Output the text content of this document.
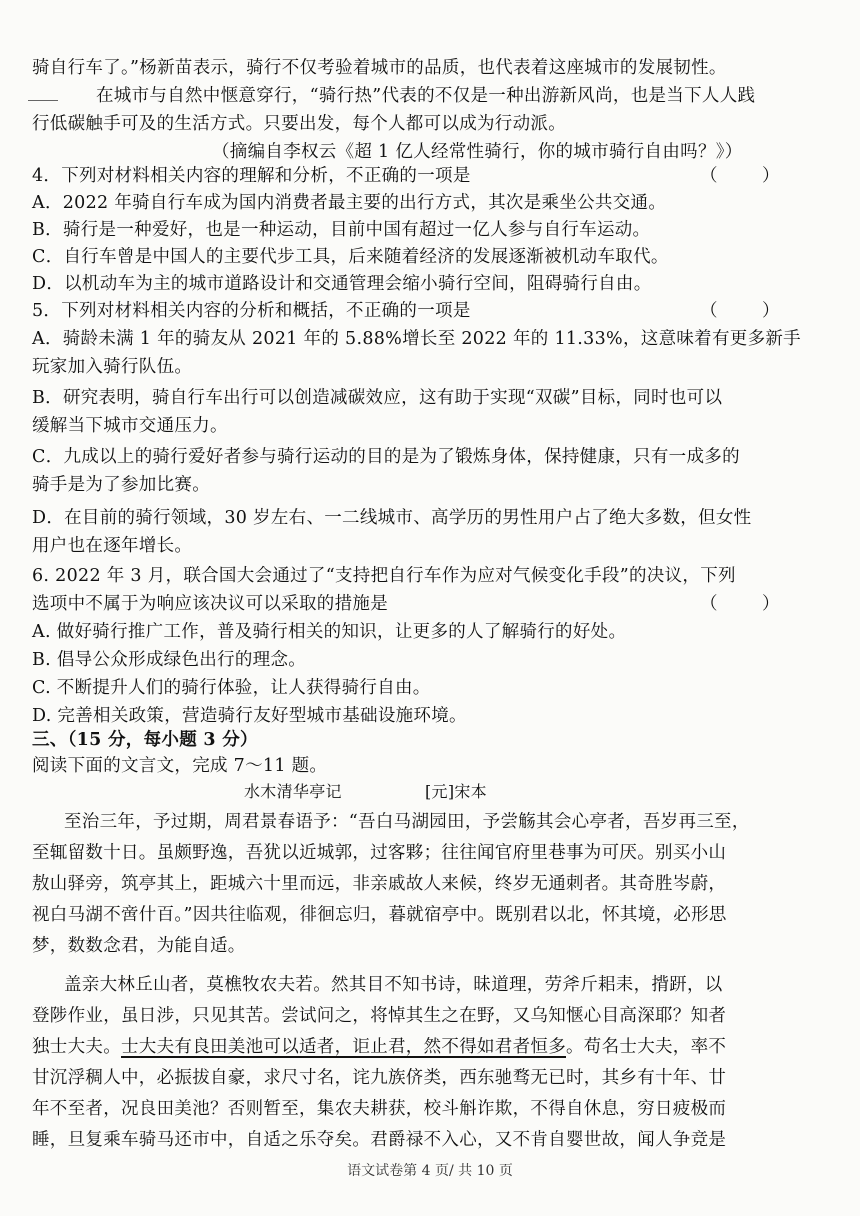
骑自行车了。”杨新苗表示，骑行不仅考验着城市的品质，也代表着这座城市的发展韧性。
在城市与自然中惬意穿行，“骑行热”代表的不仅是一种出游新风尚，也是当下人人践
行低碳触手可及的生活方式。只要出发，每个人都可以成为行动派。
（摘编自李权云《超 1 亿人经常性骑行，你的城市骑行自由吗？》）
4．下列对材料相关内容的理解和分析，不正确的一项是	（        ）
A．2022 年骑自行车成为国内消费者最主要的出行方式，其次是乘坐公共交通。
B．骑行是一种爱好，也是一种运动，目前中国有超过一亿人参与自行车运动。
C．自行车曾是中国人的主要代步工具，后来随着经济的发展逐渐被机动车取代。
D．以机动车为主的城市道路设计和交通管理会缩小骑行空间，阻碍骑行自由。
5．下列对材料相关内容的分析和概括，不正确的一项是	（        ）
A．骑龄未满 1 年的骑友从 2021 年的 5.88%增长至 2022 年的 11.33%，这意味着有更多新手
玩家加入骑行队伍。
B．研究表明，骑自行车出行可以创造减碳效应，这有助于实现“双碳”目标，同时也可以
缓解当下城市交通压力。
C．九成以上的骑行爱好者参与骑行运动的目的是为了锻炼身体，保持健康，只有一成多的
骑手是为了参加比赛。
D．在目前的骑行领域，30 岁左右、一二线城市、高学历的男性用户占了绝大多数，但女性
用户也在逐年增长。
6. 2022 年 3 月，联合国大会通过了“支持把自行车作为应对气候变化手段”的决议，下列
选项中不属于为响应该决议可以采取的措施是	（        ）
A. 做好骑行推广工作，普及骑行相关的知识，让更多的人了解骑行的好处。
B. 倡导公众形成绿色出行的理念。
C. 不断提升人们的骑行体验，让人获得骑行自由。
D. 完善相关政策，营造骑行友好型城市基础设施环境。
三、（15 分，每小题 3 分）
阅读下面的文言文，完成 7～11 题。
水木清华亭记	[元]宋本
至治三年，予过期，周君景春语予：“吾白马湖园田，予尝觞其会心亭者，吾岁再三至，
至辄留数十日。虽颇野逸，吾犹以近城郭，过客夥；往往闻官府里巷事为可厌。别买小山
敖山驿旁，筑亭其上，距城六十里而远，非亲戚故人来候，终岁无通刺者。其奇胜岑蔚，
视白马湖不啻什百。”因共往临观，徘徊忘归，暮就宿亭中。既别君以北，怀其境，必形思
梦，数数念君，为能自适。
盖亲大林丘山者，莫樵牧农夫若。然其目不知书诗，昧道理，劳斧斤耜耒，揹趼，以
登陟作业，虽日涉，只见其苦。尝试问之，将悼其生之在野，又乌知惬心目高深耶？知者
独士大夫。士大夫有良田美池可以适者，讵止君，然不得如君者恒多。苟名士大夫，率不
甘沉浮稠人中，必振拔自豪，求尺寸名，诧九族侪类，西东驰骛无已时，其乡有十年、廿
年不至者，况良田美池？否则暂至，集农夫耕获，校斗斛诈欺，不得自休息，穷日疲极而
睡，旦复乘车骑马还市中，自适之乐夺矣。君爵禄不入心，又不肯自婴世故，闻人争竞是
语文试卷第 4 页/ 共 10 页
